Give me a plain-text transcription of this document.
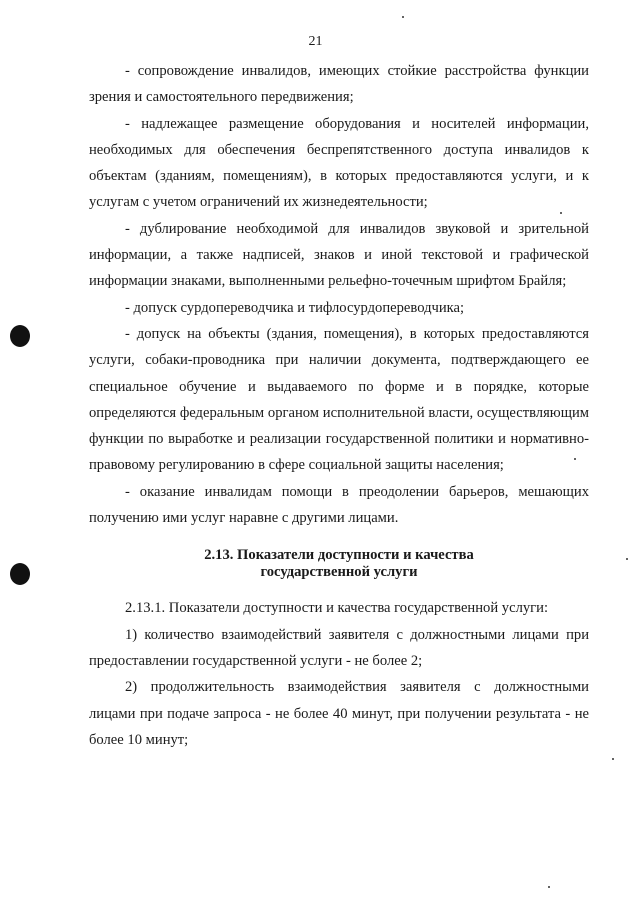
21

- сопровождение инвалидов, имеющих стойкие расстройства функции зрения и самостоятельного передвижения;

- надлежащее размещение оборудования и носителей информации, необходимых для обеспечения беспрепятственного доступа инвалидов к объектам (зданиям, помещениям), в которых предоставляются услуги, и к услугам с учетом ограничений их жизнедеятельности;

- дублирование необходимой для инвалидов звуковой и зрительной информации, а также надписей, знаков и иной текстовой и графической информации знаками, выполненными рельефно-точечным шрифтом Брайля;

- допуск сурдопереводчика и тифлосурдопереводчика;

- допуск на объекты (здания, помещения), в которых предоставляются услуги, собаки-проводника при наличии документа, подтверждающего ее специальное обучение и выдаваемого по форме и в порядке, которые определяются федеральным органом исполнительной власти, осуществляющим функции по выработке и реализации государственной политики и нормативно-правовому регулированию в сфере социальной защиты населения;

- оказание инвалидам помощи в преодолении барьеров, мешающих получению ими услуг наравне с другими лицами.

2.13. Показатели доступности и качества
государственной услуги

2.13.1. Показатели доступности и качества государственной услуги:

1) количество взаимодействий заявителя с должностными лицами при предоставлении государственной услуги - не более 2;

2) продолжительность взаимодействия заявителя с должностными лицами при подаче запроса - не более 40 минут, при получении результата - не более 10 минут;
